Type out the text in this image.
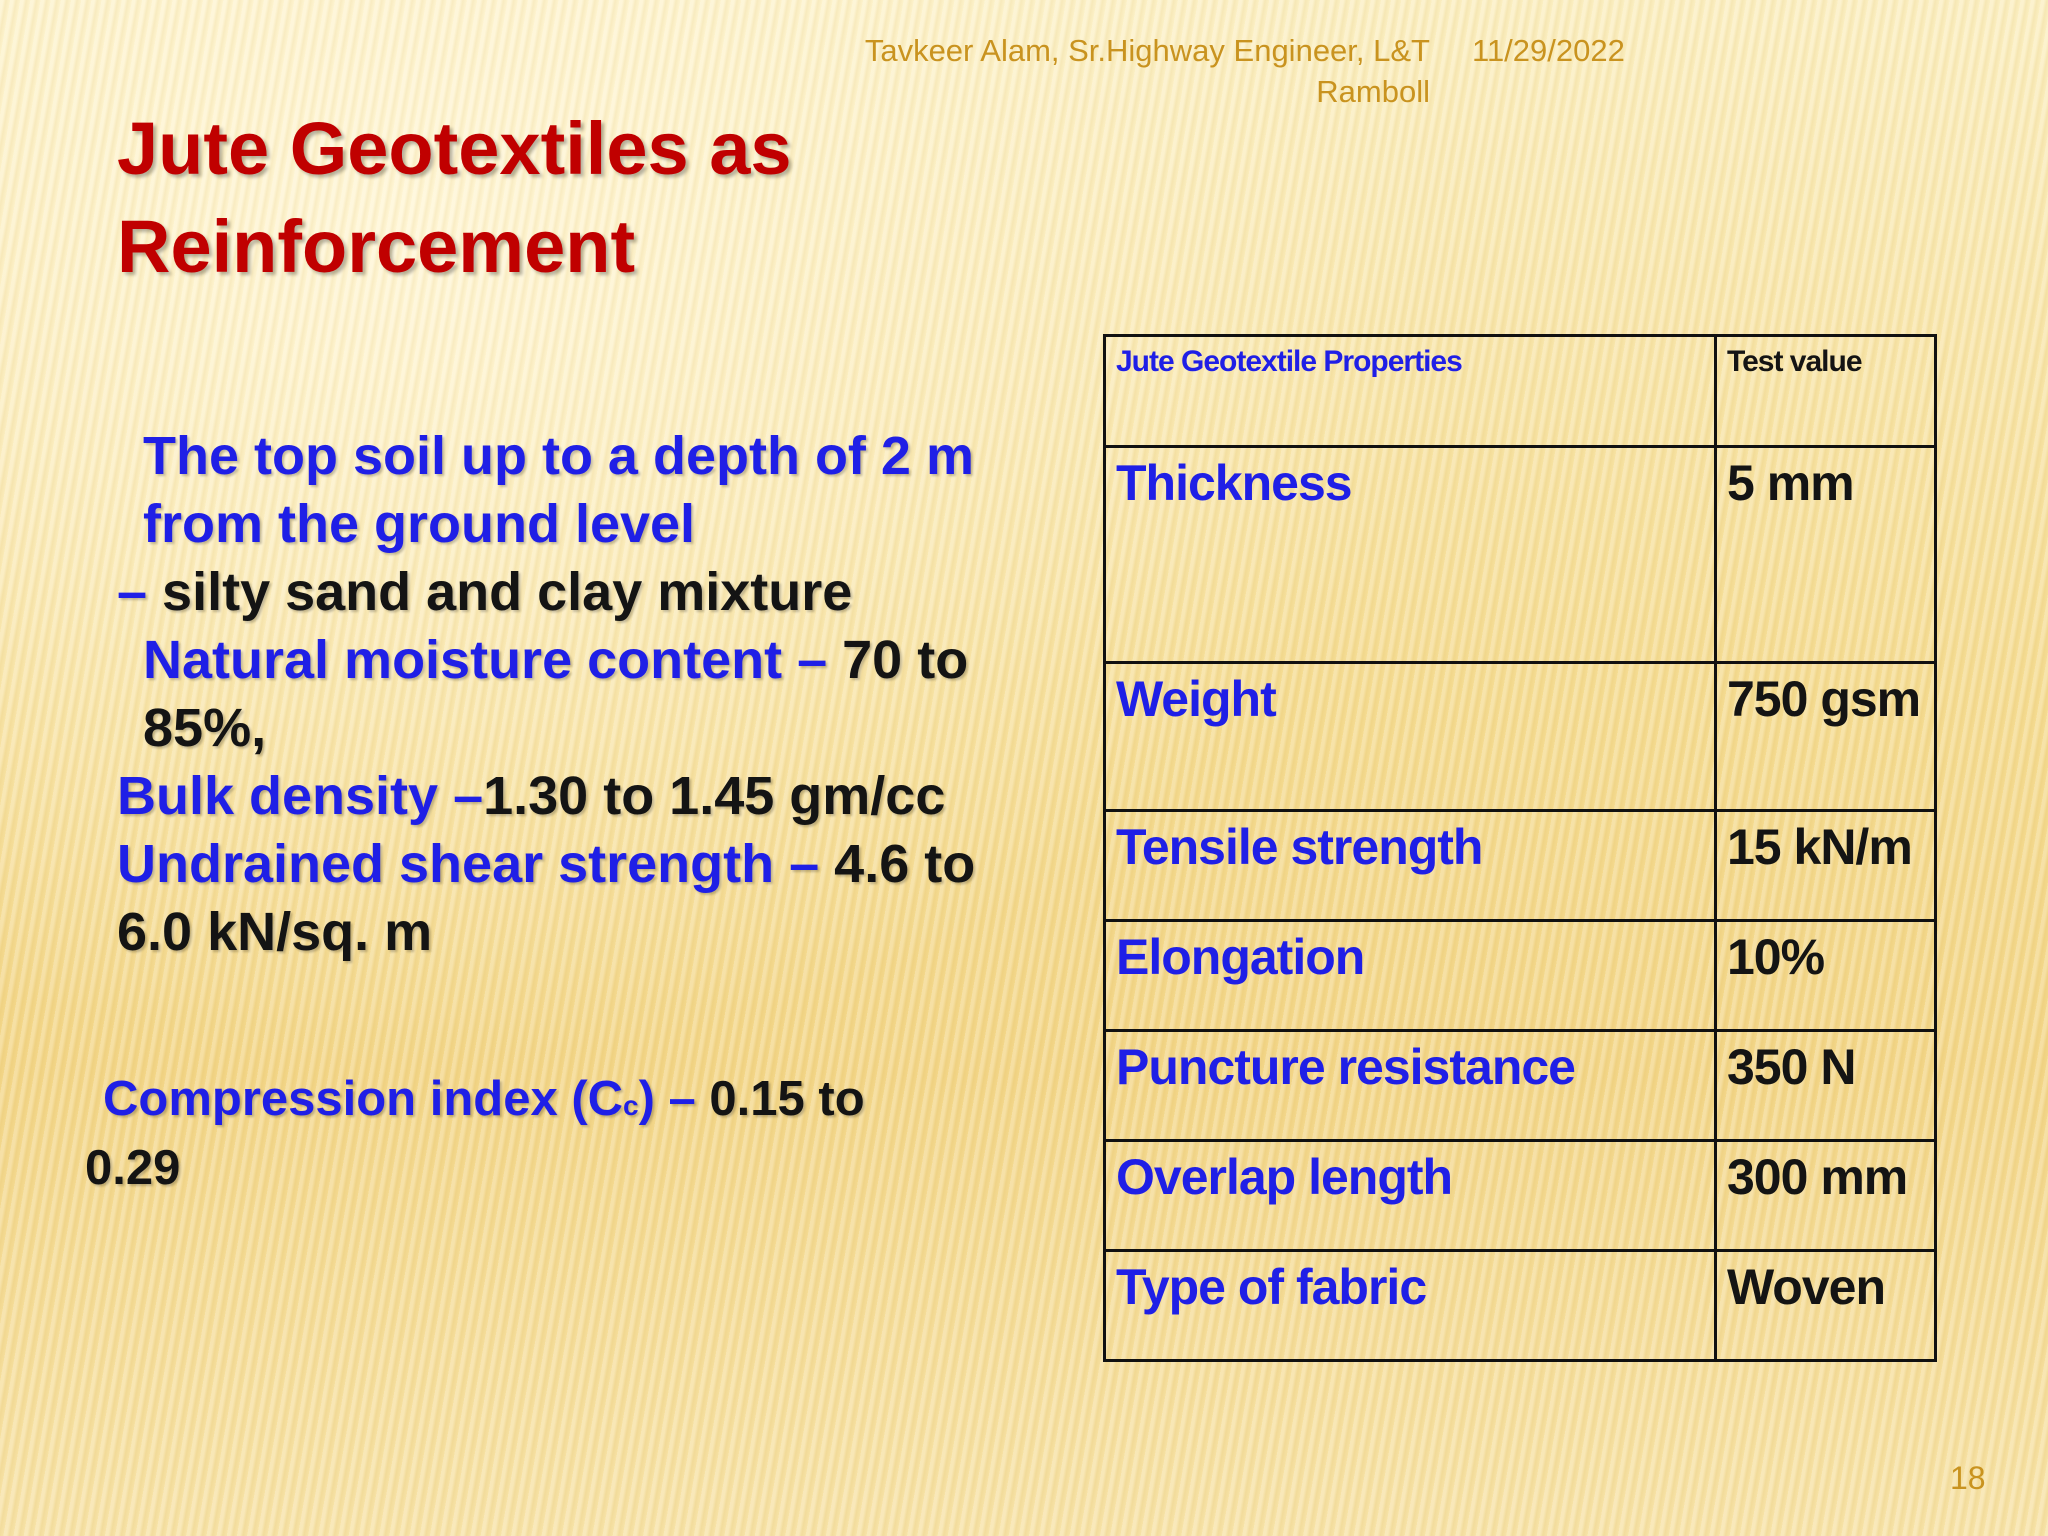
Tavkeer Alam, Sr.Highway Engineer, L&T Ramboll
11/29/2022
Jute Geotextiles as Reinforcement
The top soil up to a depth of 2 m from the ground level
– silty sand and clay mixture
Natural moisture content – 70 to 85%,
Bulk density –1.30 to 1.45 gm/cc
Undrained shear strength – 4.6 to 6.0 kN/sq. m
Compression index (Cc) – 0.15 to 0.29
Jute Geotextile Properties	Test value
Thickness	5 mm
Weight	750 gsm
Tensile strength	15 kN/m
Elongation	10%
Puncture resistance	350 N
Overlap length	300 mm
Type of fabric	Woven
18
